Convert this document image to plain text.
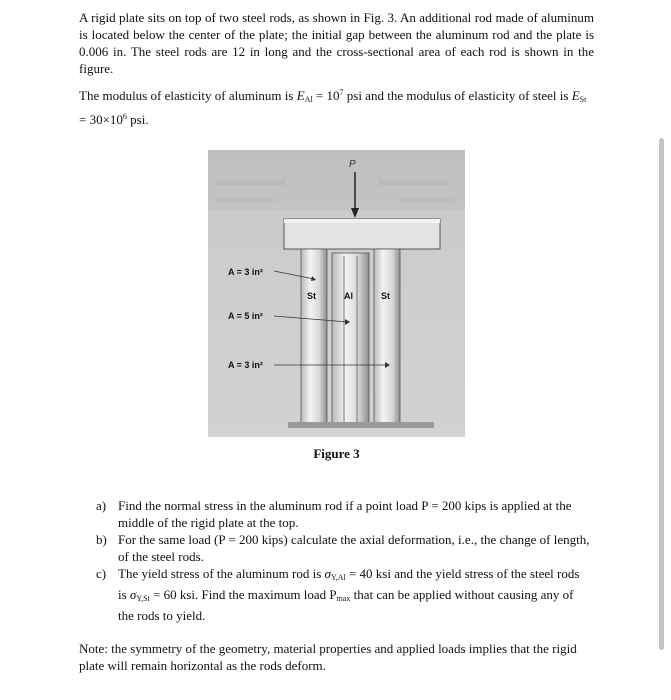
A rigid plate sits on top of two steel rods, as shown in Fig. 3. An additional rod made of aluminum is located below the center of the plate; the initial gap between the aluminum rod and the plate is 0.006 in. The steel rods are 12 in long and the cross-sectional area of each rod is shown in the figure.

The modulus of elasticity of aluminum is $E_{Al} = 10^7$ psi and the modulus of elasticity of steel is $E_{St}$
= $30\times 10^6$ psi.

P
St	Al	St
A = 3 in²
A = 5 in²
A = 3 in²
Figure 3
a) Find the normal stress in the aluminum rod if a point load P = 200 kips is applied at the middle of the rigid plate at the top.
b) For the same load (P = 200 kips) calculate the axial deformation, i.e., the change of length, of the steel rods.
c) The yield stress of the aluminum rod is $\sigma_{Y,Al} = 40$ ksi and the yield stress of the steel rods is $\sigma_{Y,St} = 60$ ksi. Find the maximum load $P_{max}$ that can be applied without causing any of the rods to yield.

Note: the symmetry of the geometry, material properties and applied loads implies that the rigid plate will remain horizontal as the rods deform.
